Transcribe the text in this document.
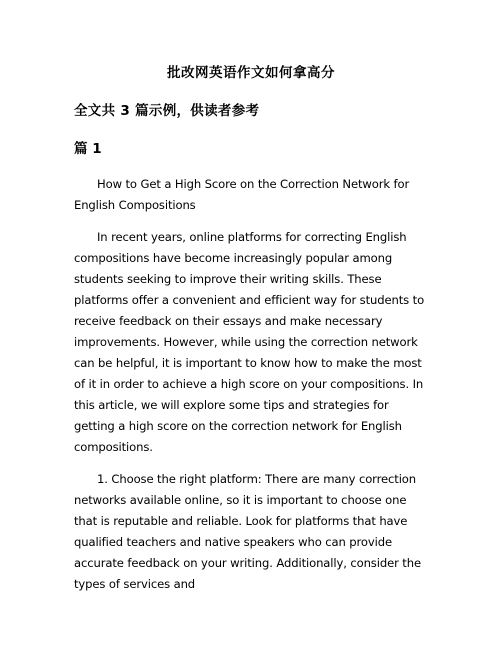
批改网英语作文如何拿高分
全文共 3 篇示例，供读者参考
篇 1

How to Get a High Score on the Correction Network for English Compositions

In recent years, online platforms for correcting English compositions have become increasingly popular among students seeking to improve their writing skills. These platforms offer a convenient and efficient way for students to receive feedback on their essays and make necessary improvements. However, while using the correction network can be helpful, it is important to know how to make the most of it in order to achieve a high score on your compositions. In this article, we will explore some tips and strategies for getting a high score on the correction network for English compositions.

1. Choose the right platform: There are many correction networks available online, so it is important to choose one that is reputable and reliable. Look for platforms that have qualified teachers and native speakers who can provide accurate feedback on your writing. Additionally, consider the types of services and
